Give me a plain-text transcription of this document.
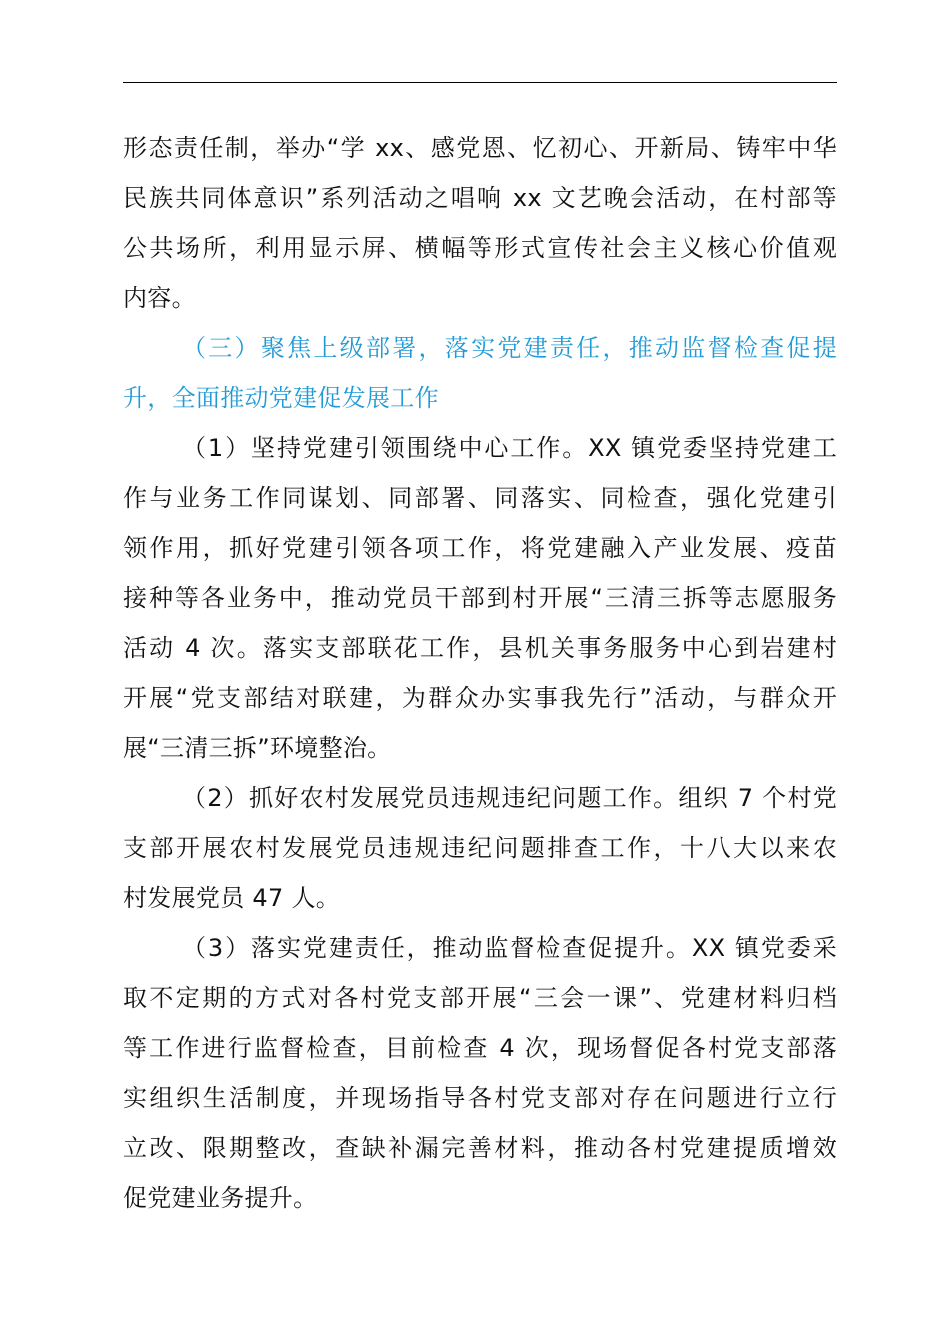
形态责任制，举办“学 xx、感党恩、忆初心、开新局、铸牢中华
民族共同体意识”系列活动之唱响 xx 文艺晚会活动，在村部等
公共场所，利用显示屏、横幅等形式宣传社会主义核心价值观
内容。
（三）聚焦上级部署，落实党建责任，推动监督检查促提
升，全面推动党建促发展工作
（1）坚持党建引领围绕中心工作。XX 镇党委坚持党建工
作与业务工作同谋划、同部署、同落实、同检查，强化党建引
领作用，抓好党建引领各项工作，将党建融入产业发展、疫苗
接种等各业务中，推动党员干部到村开展“三清三拆等志愿服务
活动 4 次。落实支部联花工作，县机关事务服务中心到岩建村
开展“党支部结对联建，为群众办实事我先行”活动，与群众开
展“三清三拆”环境整治。
（2）抓好农村发展党员违规违纪问题工作。组织 7 个村党
支部开展农村发展党员违规违纪问题排查工作，十八大以来农
村发展党员 47 人。
（3）落实党建责任，推动监督检查促提升。XX 镇党委采
取不定期的方式对各村党支部开展“三会一课”、党建材料归档
等工作进行监督检查，目前检查 4 次，现场督促各村党支部落
实组织生活制度，并现场指导各村党支部对存在问题进行立行
立改、限期整改，查缺补漏完善材料，推动各村党建提质增效
促党建业务提升。
